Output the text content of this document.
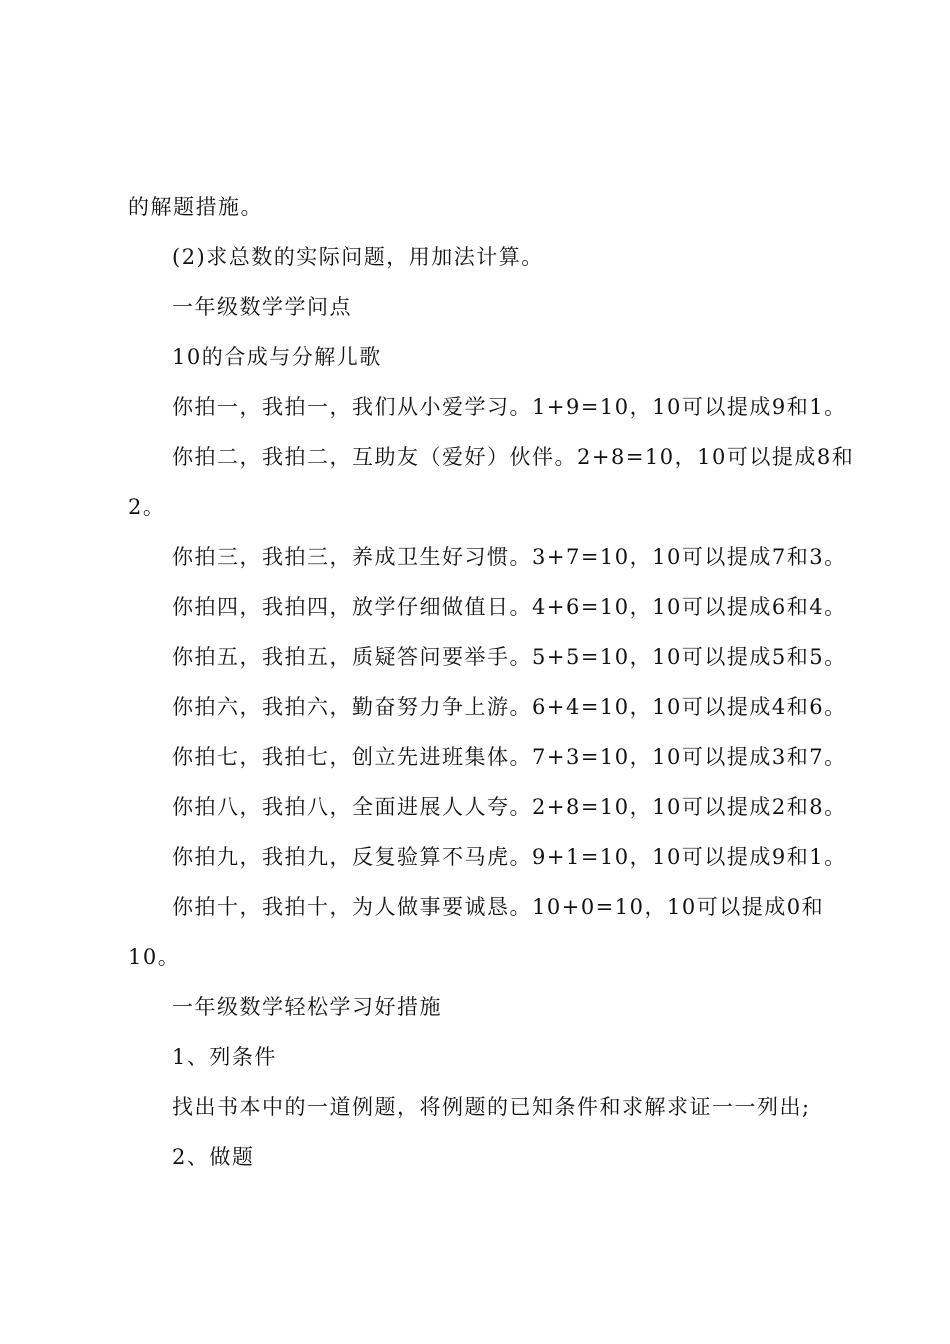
的解题措施。
(2)求总数的实际问题，用加法计算。
一年级数学学问点
10的合成与分解儿歌
你拍一，我拍一，我们从小爱学习。1+9=10，10可以提成9和1。
你拍二，我拍二，互助友（爱好）伙伴。2+8=10，10可以提成8和
2。
你拍三，我拍三，养成卫生好习惯。3+7=10，10可以提成7和3。
你拍四，我拍四，放学仔细做值日。4+6=10，10可以提成6和4。
你拍五，我拍五，质疑答问要举手。5+5=10，10可以提成5和5。
你拍六，我拍六，勤奋努力争上游。6+4=10，10可以提成4和6。
你拍七，我拍七，创立先进班集体。7+3=10，10可以提成3和7。
你拍八，我拍八，全面进展人人夸。2+8=10，10可以提成2和8。
你拍九，我拍九，反复验算不马虎。9+1=10，10可以提成9和1。
你拍十，我拍十，为人做事要诚恳。10+0=10，10可以提成0和
10。
一年级数学轻松学习好措施
1、列条件
找出书本中的一道例题，将例题的已知条件和求解求证一一列出;
2、做题
